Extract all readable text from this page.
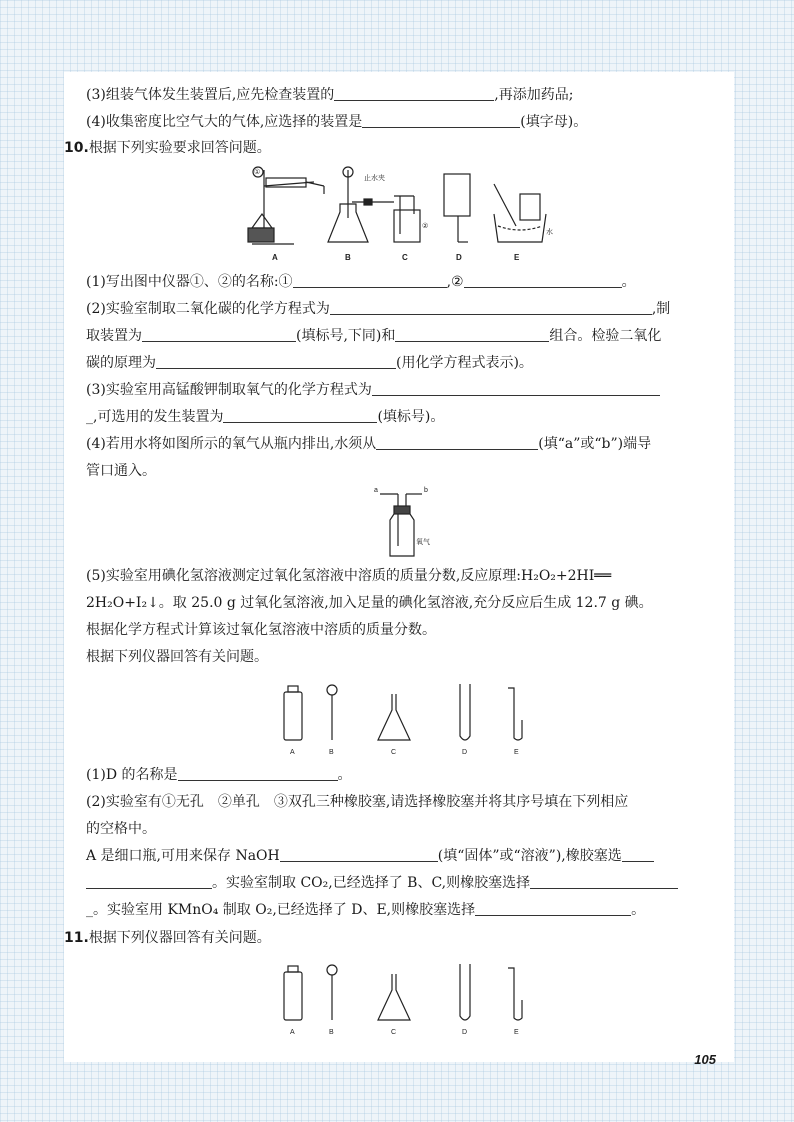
(3)组装气体发生装置后,应先检查装置的	,再添加药品;
(4)收集密度比空气大的气体,应选择的装置是	(填字母)。
10.根据下列实验要求回答问题。
①
止水夹
②
水
A	B	C	D	E
(1)写出图中仪器①、②的名称:①	,②	。
(2)实验室制取二氧化碳的化学方程式为	,制
取装置为	(填标号,下同)和	组合。检验二氧化
碳的原理为	(用化学方程式表示)。
(3)实验室用高锰酸钾制取氧气的化学方程式为
_,可选用的发生装置为	(填标号)。
(4)若用水将如图所示的氧气从瓶内排出,水须从	(填“a”或“b”)端导
管口通入。
a	b
氧气
(5)实验室用碘化氢溶液测定过氧化氢溶液中溶质的质量分数,反应原理:H₂O₂+2HI══
2H₂O+I₂↓。取 25.0 g 过氧化氢溶液,加入足量的碘化氢溶液,充分反应后生成 12.7 g 碘。
根据化学方程式计算该过氧化氢溶液中溶质的质量分数。
根据下列仪器回答有关问题。
A	B	C	D	E
(1)D 的名称是	。
(2)实验室有①无孔　②单孔　③双孔三种橡胶塞,请选择橡胶塞并将其序号填在下列相应
的空格中。
A 是细口瓶,可用来保存 NaOH	(填“固体”或“溶液”),橡胶塞选
。实验室制取 CO₂,已经选择了 B、C,则橡胶塞选择
_。实验室用 KMnO₄ 制取 O₂,已经选择了 D、E,则橡胶塞选择	。
11.根据下列仪器回答有关问题。
A	B	C	D	E
105
